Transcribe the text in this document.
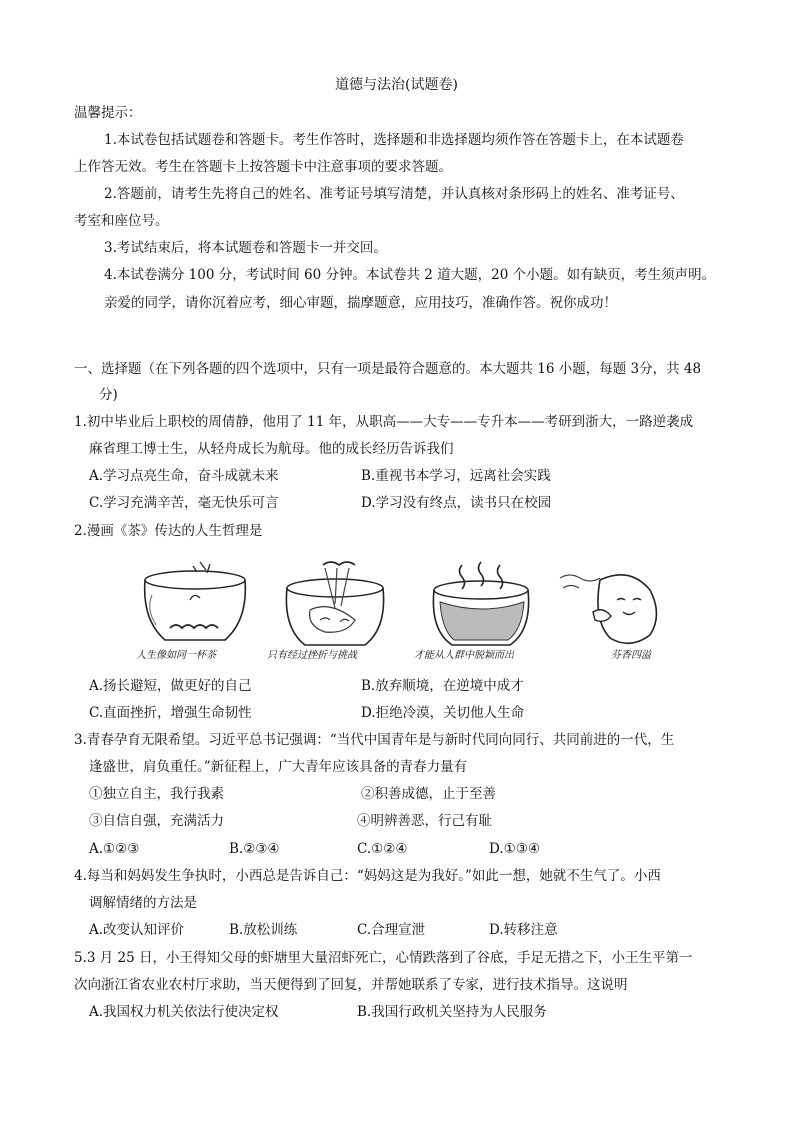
道德与法治(试题卷)
温馨提示：
1.本试卷包括试题卷和答题卡。考生作答时，选择题和非选择题均须作答在答题卡上，在本试题卷
上作答无效。考生在答题卡上按答题卡中注意事项的要求答题。
2.答题前，请考生先将自己的姓名、准考证号填写清楚，并认真核对条形码上的姓名、准考证号、
考室和座位号。
3.考试结束后，将本试题卷和答题卡一并交回。
4.本试卷满分 100 分，考试时间 60 分钟。本试卷共 2 道大题，20 个小题。如有缺页，考生须声明。
亲爱的同学，请你沉着应考，细心审题，揣摩题意，应用技巧，准确作答。祝你成功！
一、选择题（在下列各题的四个选项中，只有一项是最符合题意的。本大题共 16 小题，每题 3分，共 48
分)
1.初中毕业后上职校的周倩静，他用了 11 年，从职高——大专——专升本——考研到浙大，一路逆袭成
麻省理工博士生，从轻舟成长为航母。他的成长经历告诉我们
A.学习点亮生命，奋斗成就未来	B.重视书本学习，远离社会实践
C.学习充满辛苦，毫无快乐可言	D.学习没有终点，读书只在校园
2.漫画《茶》传达的人生哲理是
人生像如同一杯茶	只有经过挫折与挑战	才能从人群中脱颖而出	芬香四溢
A.扬长避短，做更好的自己	B.放弃顺境，在逆境中成才
C.直面挫折，增强生命韧性	D.拒绝冷漠，关切他人生命
3.青春孕育无限希望。习近平总书记强调：“当代中国青年是与新时代同向同行、共同前进的一代，生
逢盛世，肩负重任。”新征程上，广大青年应该具备的青春力量有
①独立自主，我行我素	②积善成德，止于至善
③自信自强，充满活力	④明辨善恶，行己有耻
A.①②③	B.②③④	C.①②④	D.①③④
4.每当和妈妈发生争执时，小西总是告诉自己：“妈妈这是为我好。”如此一想，她就不生气了。小西
调解情绪的方法是
A.改变认知评价	B.放松训练	C.合理宣泄	D.转移注意
5.3 月 25 日，小王得知父母的虾塘里大量沼虾死亡，心情跌落到了谷底，手足无措之下，小王生平第一
次向浙江省农业农村厅求助，当天便得到了回复，并帮她联系了专家，进行技术指导。这说明
A.我国权力机关依法行使决定权	B.我国行政机关坚持为人民服务
